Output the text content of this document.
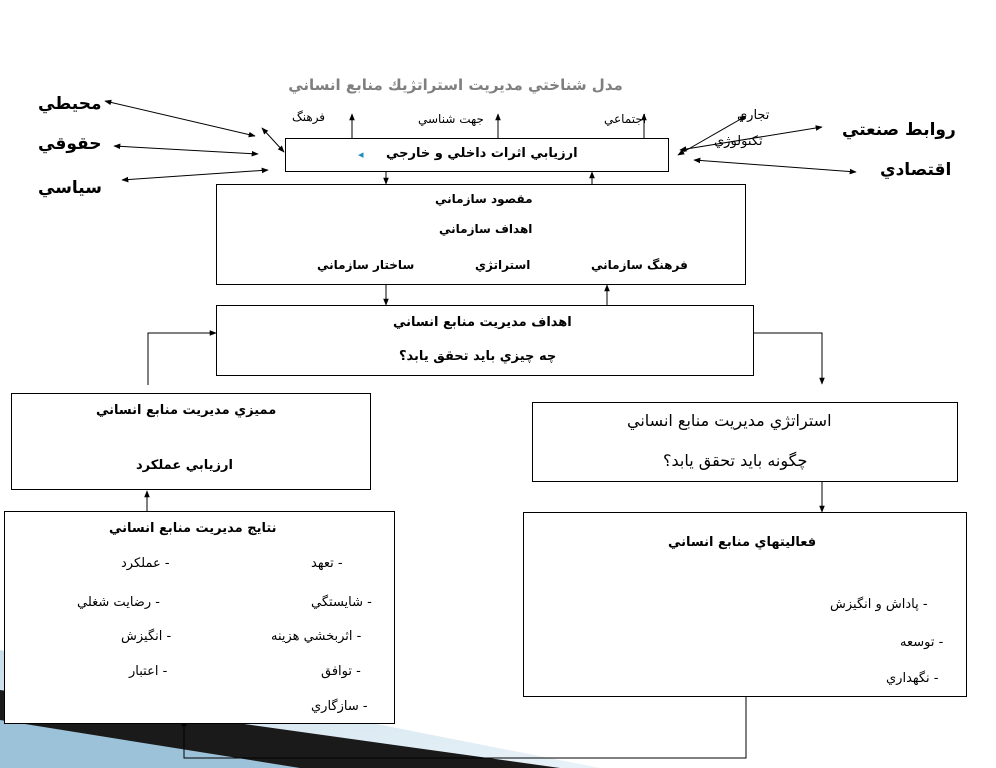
مدل شناختي مديريت استراتژيك منابع انساني
محيطي
حقوقي
سياسي
روابط صنعتي
اقتصادي
فرهنگ	جهت شناسي	اجتماعي	تجاري
تكنولوژي
ارزيابي اثرات داخلي و خارجي
◂
مقصود سازماني
اهداف سازماني
ساختار سازماني	استراتژي	فرهنگ سازماني
اهداف مديريت منابع انساني
چه چيزي بايد تحقق يابد؟
استراتژي مديريت منابع انساني
چگونه بايد تحقق يابد؟
مميزي مديريت منابع انساني
ارزيابي عملكرد
نتايج مديريت منابع انساني
- تعهد
- شايستگي
- اثربخشي هزينه
- توافق
- سازگاري
- عملكرد
- رضايت شغلي
- انگيزش
- اعتبار
فعاليتهاي منابع انساني
- پاداش و انگيزش
- توسعه
- نگهداري
